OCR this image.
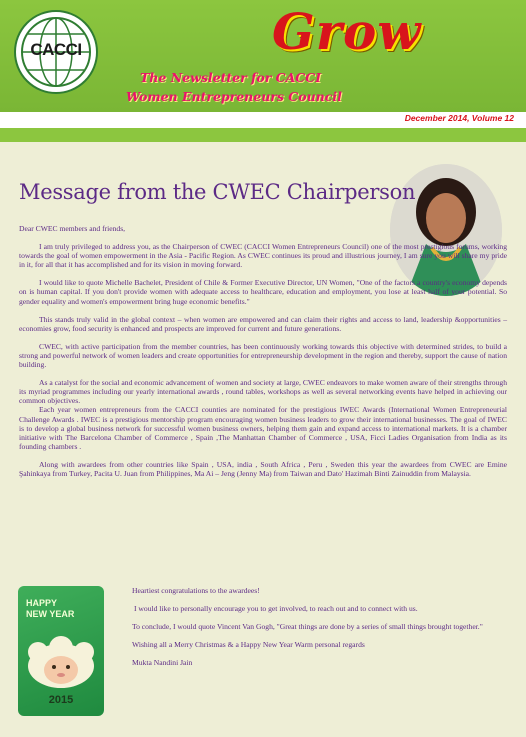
CACCI	Grow
The Newsletter for CACCI
Women Entrepreneurs Council
December 2014, Volume 12
Message from the CWEC Chairperson

Dear CWEC members and friends,

I am truly privileged to address you, as the Chairperson of CWEC (CACCI Women Entrepreneurs Council) one of the most prestigious forums, working towards the goal of women empowerment in the Asia - Pacific Region. As CWEC continues its proud and illustrious journey, I am sure you will share my pride in it, for all that it has accomplished and for its vision in moving forward.

I would like to quote Michelle Bachelet, President of Chile & Former Executive Director, UN Women, "One of the factors a country's economy depends on is human capital. If you don't provide women with adequate access to healthcare, education and employment, you lose at least half of your potential. So gender equality and women's empowerment bring huge economic benefits."

This stands truly valid in the global context – when women are empowered and can claim their rights and access to land, leadership &opportunities – economies grow, food security is enhanced and prospects are improved for current and future generations.

CWEC, with active participation from the member countries, has been continuously working towards this objective with determined strides, to build a strong and powerful network of women leaders and create opportunities for entrepreneurship development in the region and thereby, support the cause of nation building.

As a catalyst for the social and economic advancement of women and society at large, CWEC endeavors to make women aware of their strengths through its myriad programmes including our yearly international awards , round tables, workshops as well as several networking events have helped in achieving our common objectives.

Each year women entrepreneurs from the CACCI counties are nominated for the prestigious IWEC Awards (International Women Entrepreneurial Challenge Awards . IWEC is a prestigious mentorship program encouraging women business leaders to grow their international businesses. The goal of IWEC is to develop a global business network for successful women business owners, helping them gain and expand access to international markets. It is a chamber initiative with The Barcelona Chamber of Commerce , Spain ,The Manhattan Chamber of Commerce , USA, Ficci Ladies Organisation from India as its founding chambers .

Along with awardees from other countries like Spain , USA, india , South Africa , Peru , Sweden this year the awardees from CWEC are Emine Şahinkaya from Turkey, Pacita U. Juan from Philippines, Ma Ai – Jeng (Jenny Ma) from Taiwan and Dato' Hazimah Binti Zainuddin from Malaysia.

HAPPY
NEW YEAR
2015

Heartiest congratulations to the awardees!

I would like to personally encourage you to get involved, to reach out and to connect with us.

To conclude, I would quote Vincent Van Gogh, "Great things are done by a series of small things brought together."

Wishing all a Merry Christmas & a Happy New Year Warm personal regards

Mukta Nandini Jain
